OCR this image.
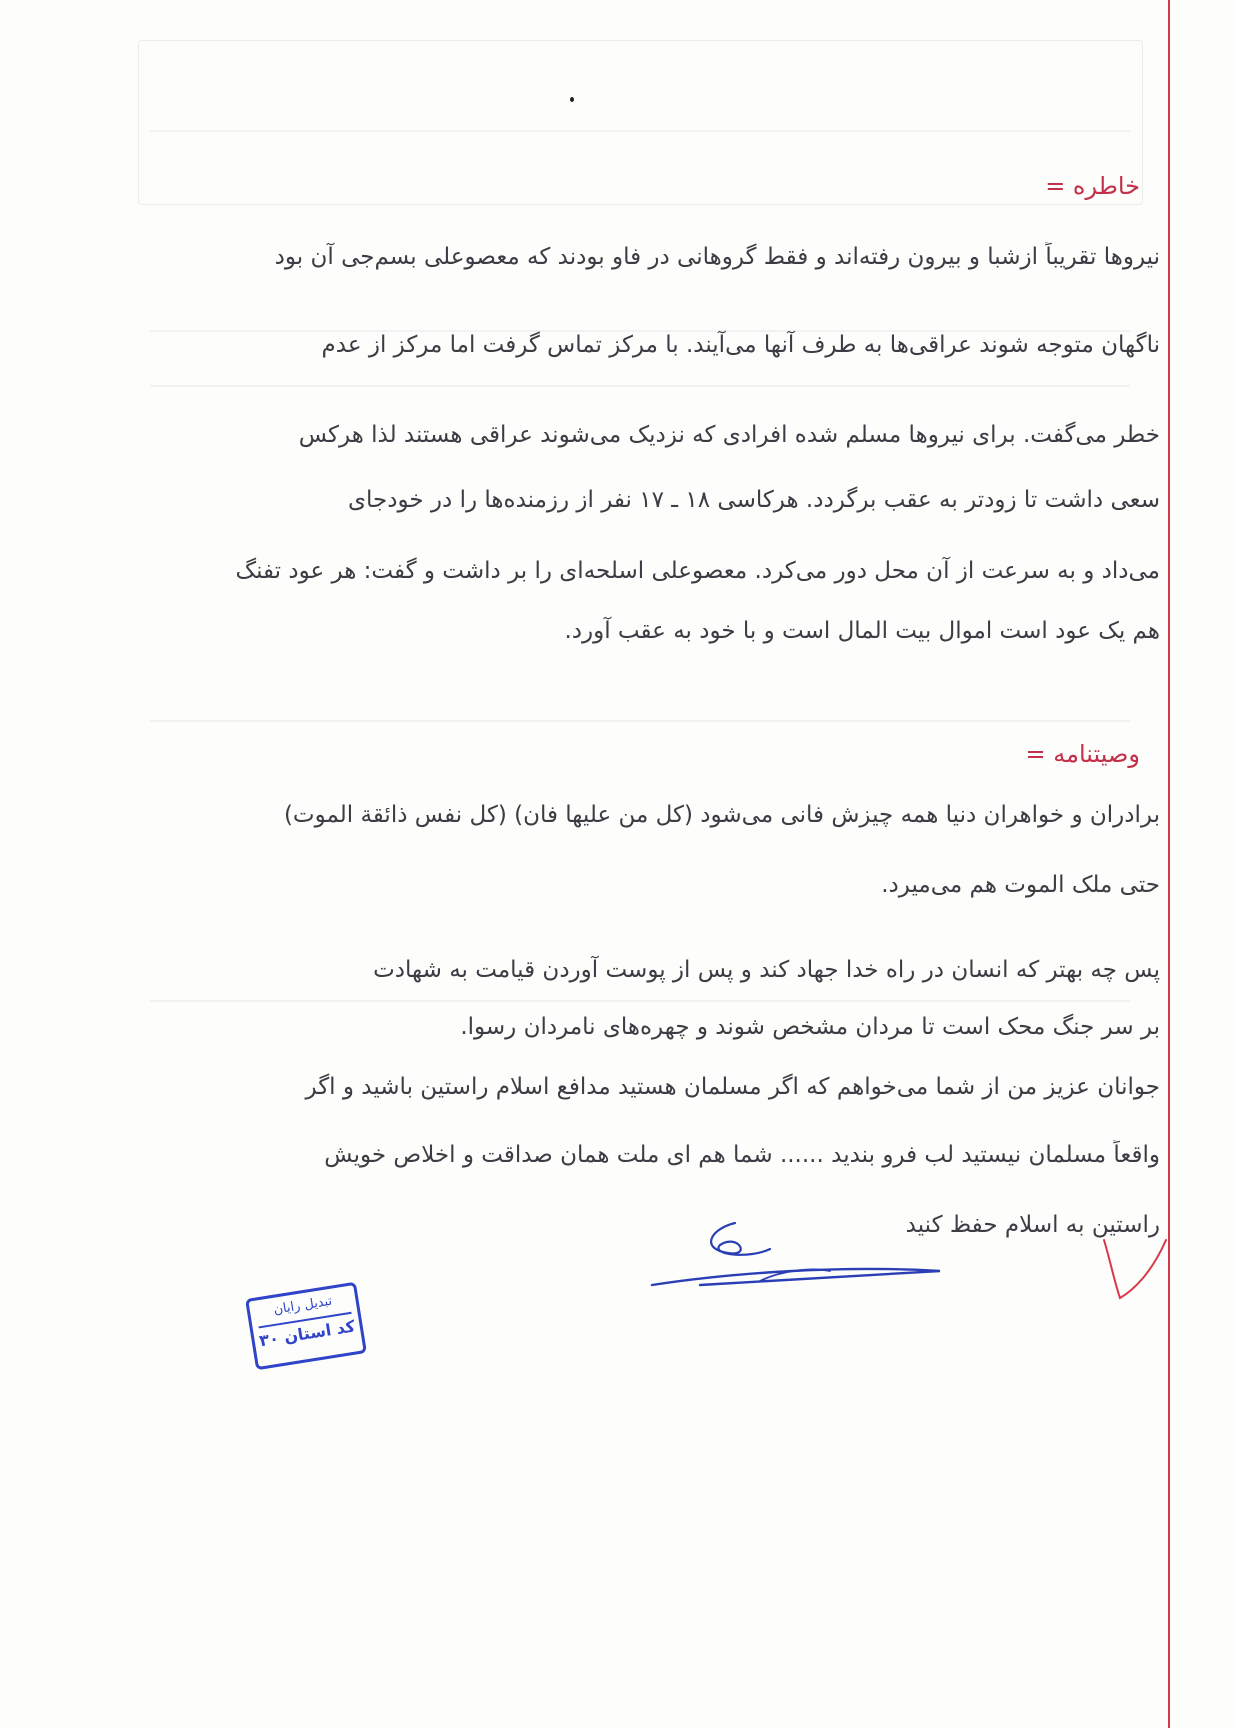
خاطره =
نیروها تقریباً ازشبا و بیرون رفته‌اند و فقط گروهانی در فاو بودند که معصوعلی بسم‌جی آن بود
ناگهان متوجه شوند عراقی‌ها به طرف آنها می‌آیند. با مرکز تماس گرفت اما مرکز از عدم
خطر می‌گفت. برای نیروها مسلم شده افرادی که نزدیک می‌شوند عراقی هستند لذا هرکس
سعی داشت تا زودتر به عقب برگردد. هرکاسی ۱۸ ـ ۱۷ نفر از رزمنده‌ها را در خودجای
می‌داد و به سرعت از آن محل دور می‌کرد. معصوعلی اسلحه‌ای را بر داشت و گفت: هر عود تفنگ
هم یک عود است اموال بیت المال است و با خود به عقب آورد.
وصیتنامه =
برادران و خواهران دنیا همه چیزش فانی می‌شود (کل من علیها فان) (کل نفس ذائقة الموت)
حتی ملک الموت هم می‌میرد.
پس چه بهتر که انسان در راه خدا جهاد کند و پس از پوست آوردن قیامت به شهادت
بر سر جنگ محک است تا مردان مشخص شوند و چهره‌های نامردان رسوا.
جوانان عزیز من از شما می‌خواهم که اگر مسلمان هستید مدافع اسلام راستین باشید و اگر
واقعاً مسلمان نیستید لب فرو بندید ...... شما هم ای ملت همان صداقت و اخلاص خویش
راستین به اسلام حفظ کنید
تبدیل رایان
کد استان ۳۰
